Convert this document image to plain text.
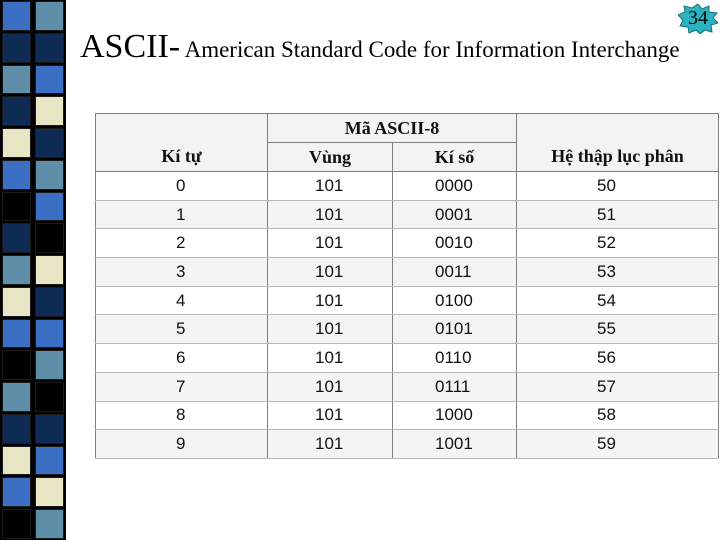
34
ASCII- American Standard Code for Information Interchange
Kí tự	Mã ASCII-8		Hệ thập lục phân
	Vùng	Kí số	
0	101	0000	50
1	101	0001	51
2	101	0010	52
3	101	0011	53
4	101	0100	54
5	101	0101	55
6	101	0110	56
7	101	0111	57
8	101	1000	58
9	101	1001	59
